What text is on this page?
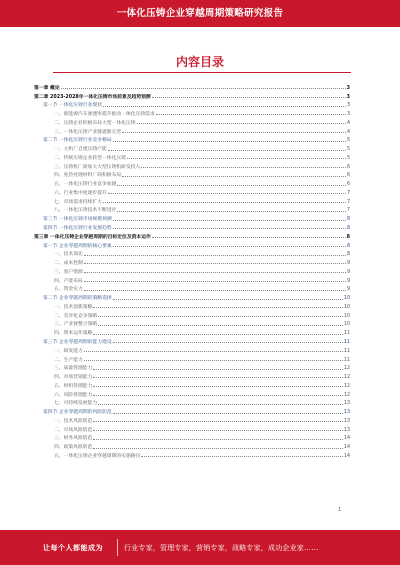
一体化压铸企业穿越周期策略研究报告
内容目录
第一章 概论	3
第二章 2023-2028年一体化压铸市场前景及趋势预测	3
第一节 一体化压铸行业现状	3
一、新能源汽车渗透率提升推动一体化压铸需求	3
二、压铸企业积极布局大型一体化压铸	4
三、一体化压铸产业链逐渐完善	4
第二节 一体化压铸行业竞争格局	5
一、主机厂自建压铸产能	5
二、传统压铸企业转型一体化压铸	5
三、压铸机厂商加大大型压铸机研发投入	6
四、免热处理材料厂商积极布局	6
五、一体化压铸行业竞争加剧	6
六、行业集中度逐步提升	7
七、市场需求持续扩大	7
八、一体化压铸技术不断进步	7
第三节 一体化压铸市场规模预测	8
第四节 一体化压铸行业发展趋势	8
第三章 一体化压铸企业穿越周期的目标定位及资本运作	8
第一节 企业穿越周期的核心要素	8
一、技术领先	8
二、成本控制	9
三、客户资源	9
四、产能布局	9
五、资金实力	9
第二节 企业穿越周期的策略选择	10
一、技术创新策略	10
二、差异化竞争策略	10
三、产业链整合策略	10
四、资本运作策略	11
第三节 企业穿越周期的能力建设	11
一、研发能力	11
二、生产能力	11
三、质量管理能力	12
四、市场营销能力	12
五、组织管理能力	12
六、风险管理能力	12
七、可持续发展能力	13
第四节 企业穿越周期的风险防范	13
一、技术风险防范	13
二、市场风险防范	13
三、财务风险防范	14
四、政策风险防范	14
五、一体化压铸企业穿越周期的实施路径	14
1
让每个人都能成为	行业专家，管理专家，营销专家，战略专家，成功企业家……
